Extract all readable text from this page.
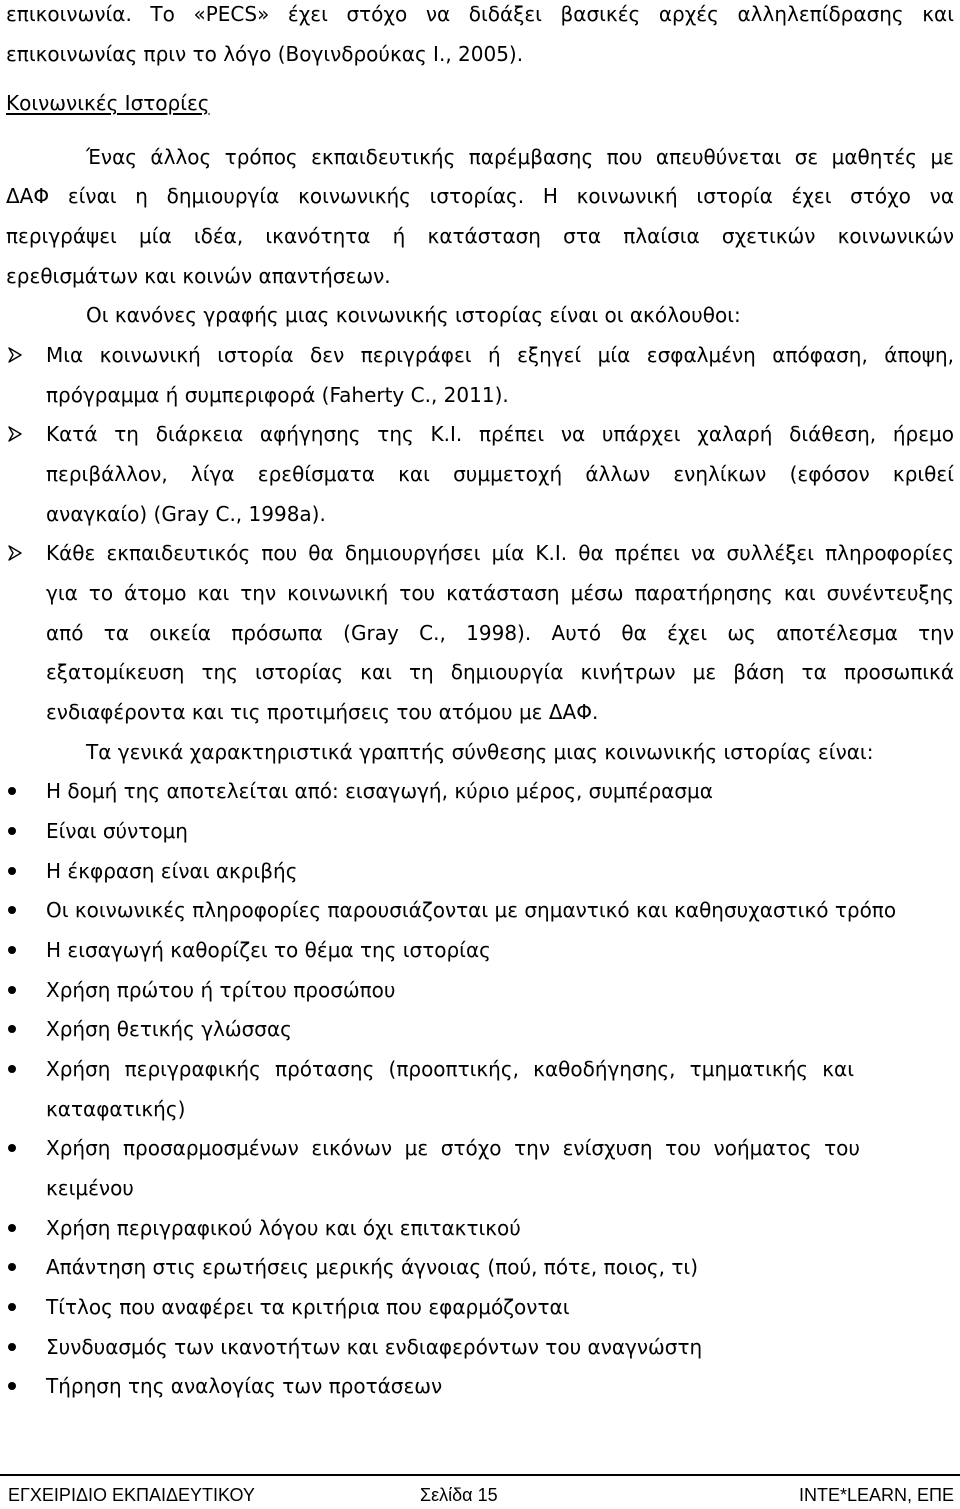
επικοινωνία. Το «PECS» έχει στόχο να διδάξει βασικές αρχές αλληλεπίδρασης και
επικοινωνίας πριν το λόγο (Βογινδρούκας Ι., 2005).
Κοινωνικές Ιστορίες
Ένας άλλος τρόπος εκπαιδευτικής παρέμβασης που απευθύνεται σε μαθητές με
ΔΑΦ είναι η δημιουργία κοινωνικής ιστορίας. Η κοινωνική ιστορία έχει στόχο να
περιγράψει μία ιδέα, ικανότητα ή κατάσταση στα πλαίσια σχετικών κοινωνικών
ερεθισμάτων και κοινών απαντήσεων.
Οι κανόνες γραφής μιας κοινωνικής ιστορίας είναι οι ακόλουθοι:
Μια κοινωνική ιστορία δεν περιγράφει ή εξηγεί μία εσφαλμένη απόφαση, άποψη,
πρόγραμμα ή συμπεριφορά (Faherty C., 2011).
Κατά τη διάρκεια αφήγησης της Κ.Ι. πρέπει να υπάρχει χαλαρή διάθεση, ήρεμο
περιβάλλον, λίγα ερεθίσματα και συμμετοχή άλλων ενηλίκων (εφόσον κριθεί
αναγκαίο) (Gray C., 1998a).
Κάθε εκπαιδευτικός που θα δημιουργήσει μία Κ.Ι. θα πρέπει να συλλέξει πληροφορίες
για το άτομο και την κοινωνική του κατάσταση μέσω παρατήρησης και συνέντευξης
από τα οικεία πρόσωπα (Gray C., 1998). Αυτό θα έχει ως αποτέλεσμα την
εξατομίκευση της ιστορίας και τη δημιουργία κινήτρων με βάση τα προσωπικά
ενδιαφέροντα και τις προτιμήσεις του ατόμου με ΔΑΦ.
Τα γενικά χαρακτηριστικά γραπτής σύνθεσης μιας κοινωνικής ιστορίας είναι:
Η δομή της αποτελείται από: εισαγωγή, κύριο μέρος, συμπέρασμα
Είναι σύντομη
Η έκφραση είναι ακριβής
Οι κοινωνικές πληροφορίες παρουσιάζονται με σημαντικό και καθησυχαστικό τρόπο
Η εισαγωγή καθορίζει το θέμα της ιστορίας
Χρήση πρώτου ή τρίτου προσώπου
Χρήση θετικής γλώσσας
Χρήση περιγραφικής πρότασης (προοπτικής, καθοδήγησης, τμηματικής και
καταφατικής)
Χρήση προσαρμοσμένων εικόνων με στόχο την ενίσχυση του νοήματος του
κειμένου
Χρήση περιγραφικού λόγου και όχι επιτακτικού
Απάντηση στις ερωτήσεις μερικής άγνοιας (πού, πότε, ποιος, τι)
Τίτλος που αναφέρει τα κριτήρια που εφαρμόζονται
Συνδυασμός των ικανοτήτων και ενδιαφερόντων του αναγνώστη
Τήρηση της αναλογίας των προτάσεων
ΕΓΧΕΙΡΙΔΙΟ ΕΚΠΑΙΔΕΥΤΙΚΟΥ	Σελίδα 15	INTE*LEARN, ΕΠΕ
